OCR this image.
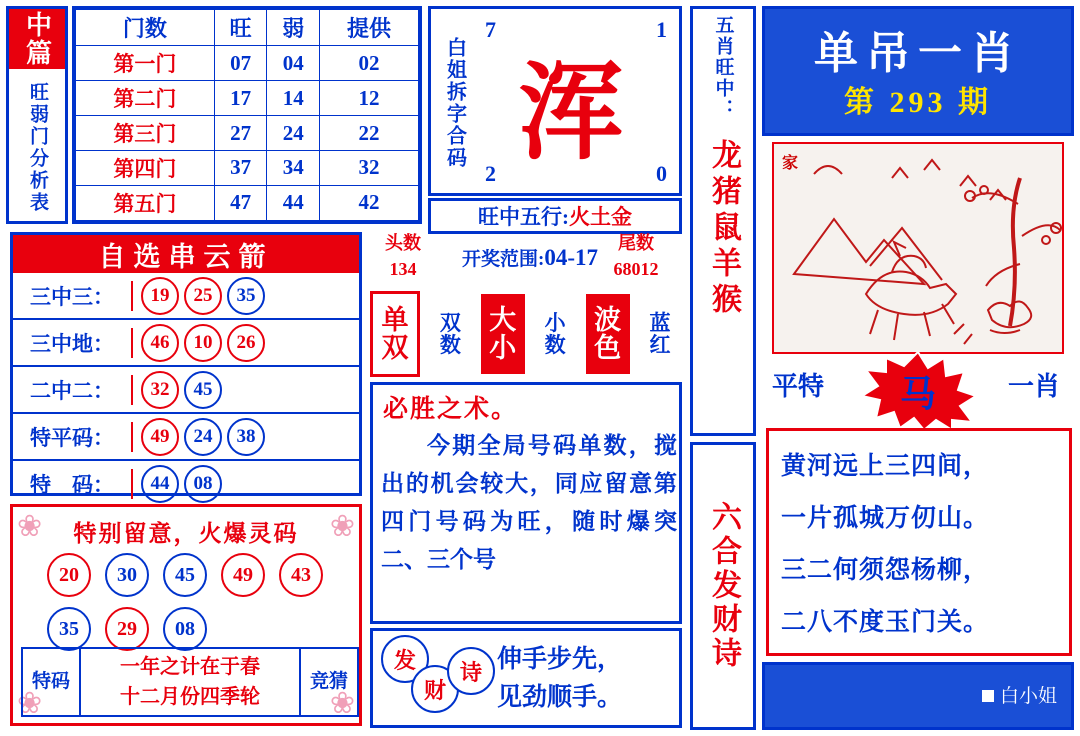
中篇
旺弱门分析表
门数	旺	弱	提供
第一门	07	04	02
第二门	17	14	12
第三门	27	24	22
第四门	37	34	32
第五门	47	44	42
白姐拆字合码
7	1
2	0
浑
旺中五行: 火土金
五肖旺中：
龙猪鼠羊猴
单吊一肖
第 293 期
家
平特	一肖
马
黄河远上三四间，
一片孤城万仞山。
三二何须怨杨柳，
二八不度玉门关。
白小姐
自选串云箭
三中三：	19	25	35
三中地：	46	10	26
二中二：	32	45
特平码：	49	24	38
特　码：	44	08
头数
134	开奖范围:04-17
尾数
68012
单
双
双
数
大
小
小
数
波
色
蓝
红
必胜之术。
今期全局号码单数，搅出的机会较大，同应留意第四门号码为旺，随时爆突二、三个号
发
财
诗 伸手步先，
见劲顺手。
❀	❀
❀	❀
特别留意，火爆灵码
20	30	45	49	43
35	29	08
特码
一年之计在于春
十二月份四季轮
竞猜
六合发财诗
